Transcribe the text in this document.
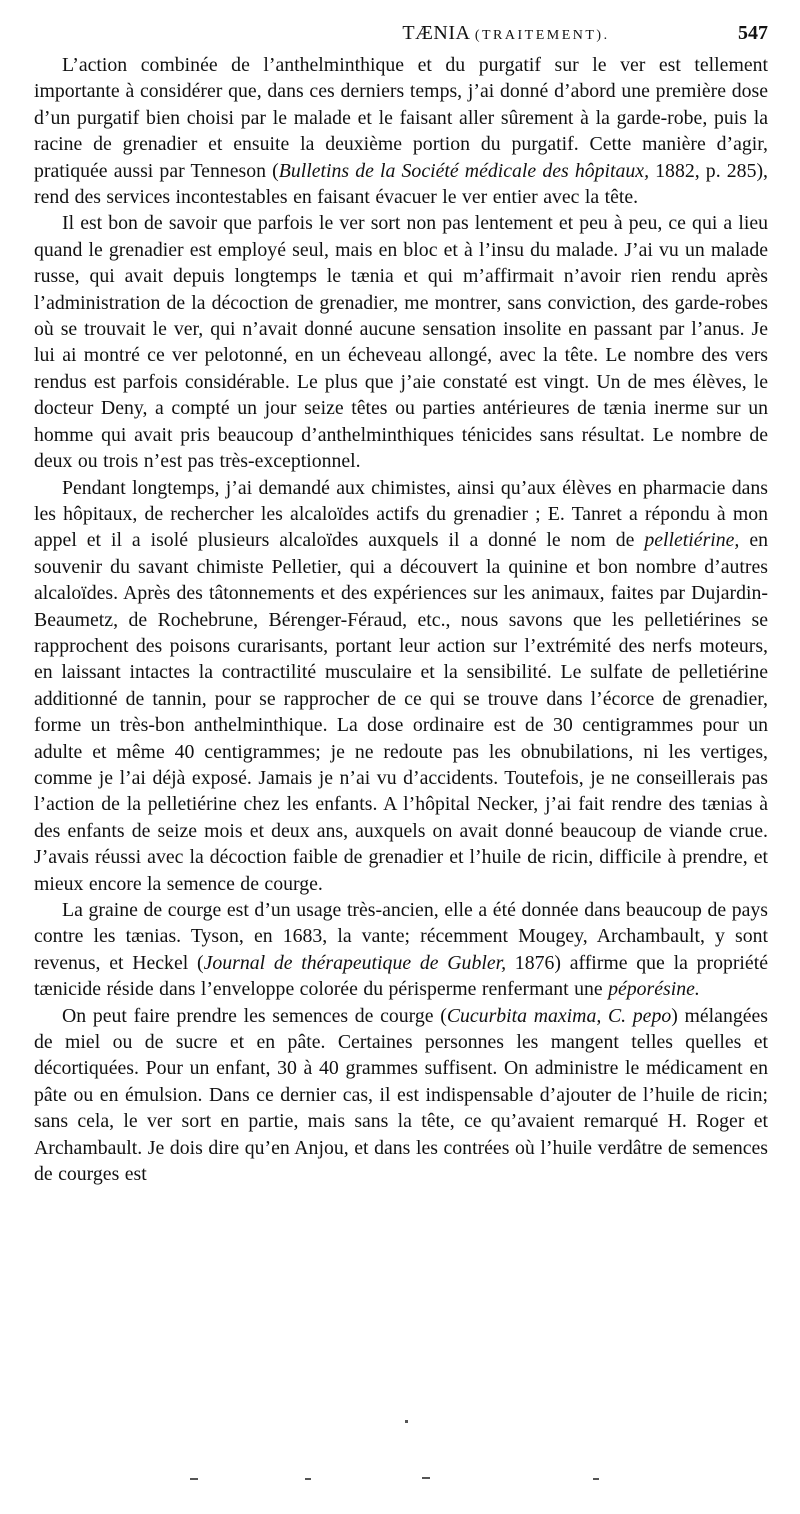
TÆNIA (TRAITEMENT).	547

L’action combinée de l’anthelminthique et du purgatif sur le ver est tellement importante à considérer que, dans ces derniers temps, j’ai donné d’abord une première dose d’un purgatif bien choisi par le malade et le faisant aller sûrement à la garde-robe, puis la racine de grenadier et ensuite la deuxième portion du purgatif. Cette manière d’agir, pratiquée aussi par Tenneson (Bulletins de la Société médicale des hôpitaux, 1882, p. 285), rend des services incontestables en faisant évacuer le ver entier avec la tête.

Il est bon de savoir que parfois le ver sort non pas lentement et peu à peu, ce qui a lieu quand le grenadier est employé seul, mais en bloc et à l’insu du malade. J’ai vu un malade russe, qui avait depuis longtemps le tænia et qui m’affirmait n’avoir rien rendu après l’administration de la décoction de grenadier, me montrer, sans conviction, des garde-robes où se trouvait le ver, qui n’avait donné aucune sensation insolite en passant par l’anus. Je lui ai montré ce ver pelotonné, en un écheveau allongé, avec la tête. Le nombre des vers rendus est parfois considérable. Le plus que j’aie constaté est vingt. Un de mes élèves, le docteur Deny, a compté un jour seize têtes ou parties antérieures de tænia inerme sur un homme qui avait pris beaucoup d’anthelminthiques ténicides sans résultat. Le nombre de deux ou trois n’est pas très-exceptionnel.

Pendant longtemps, j’ai demandé aux chimistes, ainsi qu’aux élèves en pharmacie dans les hôpitaux, de rechercher les alcaloïdes actifs du grenadier ; E. Tanret a répondu à mon appel et il a isolé plusieurs alcaloïdes auxquels il a donné le nom de pelletiérine, en souvenir du savant chimiste Pelletier, qui a découvert la quinine et bon nombre d’autres alcaloïdes. Après des tâtonnements et des expériences sur les animaux, faites par Dujardin-Beaumetz, de Rochebrune, Bérenger-Féraud, etc., nous savons que les pelletiérines se rapprochent des poisons curarisants, portant leur action sur l’extrémité des nerfs moteurs, en laissant intactes la contractilité musculaire et la sensibilité. Le sulfate de pelletiérine additionné de tannin, pour se rapprocher de ce qui se trouve dans l’écorce de grenadier, forme un très-bon anthelminthique. La dose ordinaire est de 30 centigrammes pour un adulte et même 40 centigrammes; je ne redoute pas les obnubilations, ni les vertiges, comme je l’ai déjà exposé. Jamais je n’ai vu d’accidents. Toutefois, je ne conseillerais pas l’action de la pelletiérine chez les enfants. A l’hôpital Necker, j’ai fait rendre des tænias à des enfants de seize mois et deux ans, auxquels on avait donné beaucoup de viande crue. J’avais réussi avec la décoction faible de grenadier et l’huile de ricin, difficile à prendre, et mieux encore la semence de courge.

La graine de courge est d’un usage très-ancien, elle a été donnée dans beaucoup de pays contre les tænias. Tyson, en 1683, la vante; récemment Mougey, Archambault, y sont revenus, et Heckel (Journal de thérapeutique de Gubler, 1876) affirme que la propriété tænicide réside dans l’enveloppe colorée du périsperme renfermant une péporésine.

On peut faire prendre les semences de courge (Cucurbita maxima, C. pepo) mélangées de miel ou de sucre et en pâte. Certaines personnes les mangent telles quelles et décortiquées. Pour un enfant, 30 à 40 grammes suffisent. On administre le médicament en pâte ou en émulsion. Dans ce dernier cas, il est indispensable d’ajouter de l’huile de ricin; sans cela, le ver sort en partie, mais sans la tête, ce qu’avaient remarqué H. Roger et Archambault. Je dois dire qu’en Anjou, et dans les contrées où l’huile verdâtre de semences de courges est
